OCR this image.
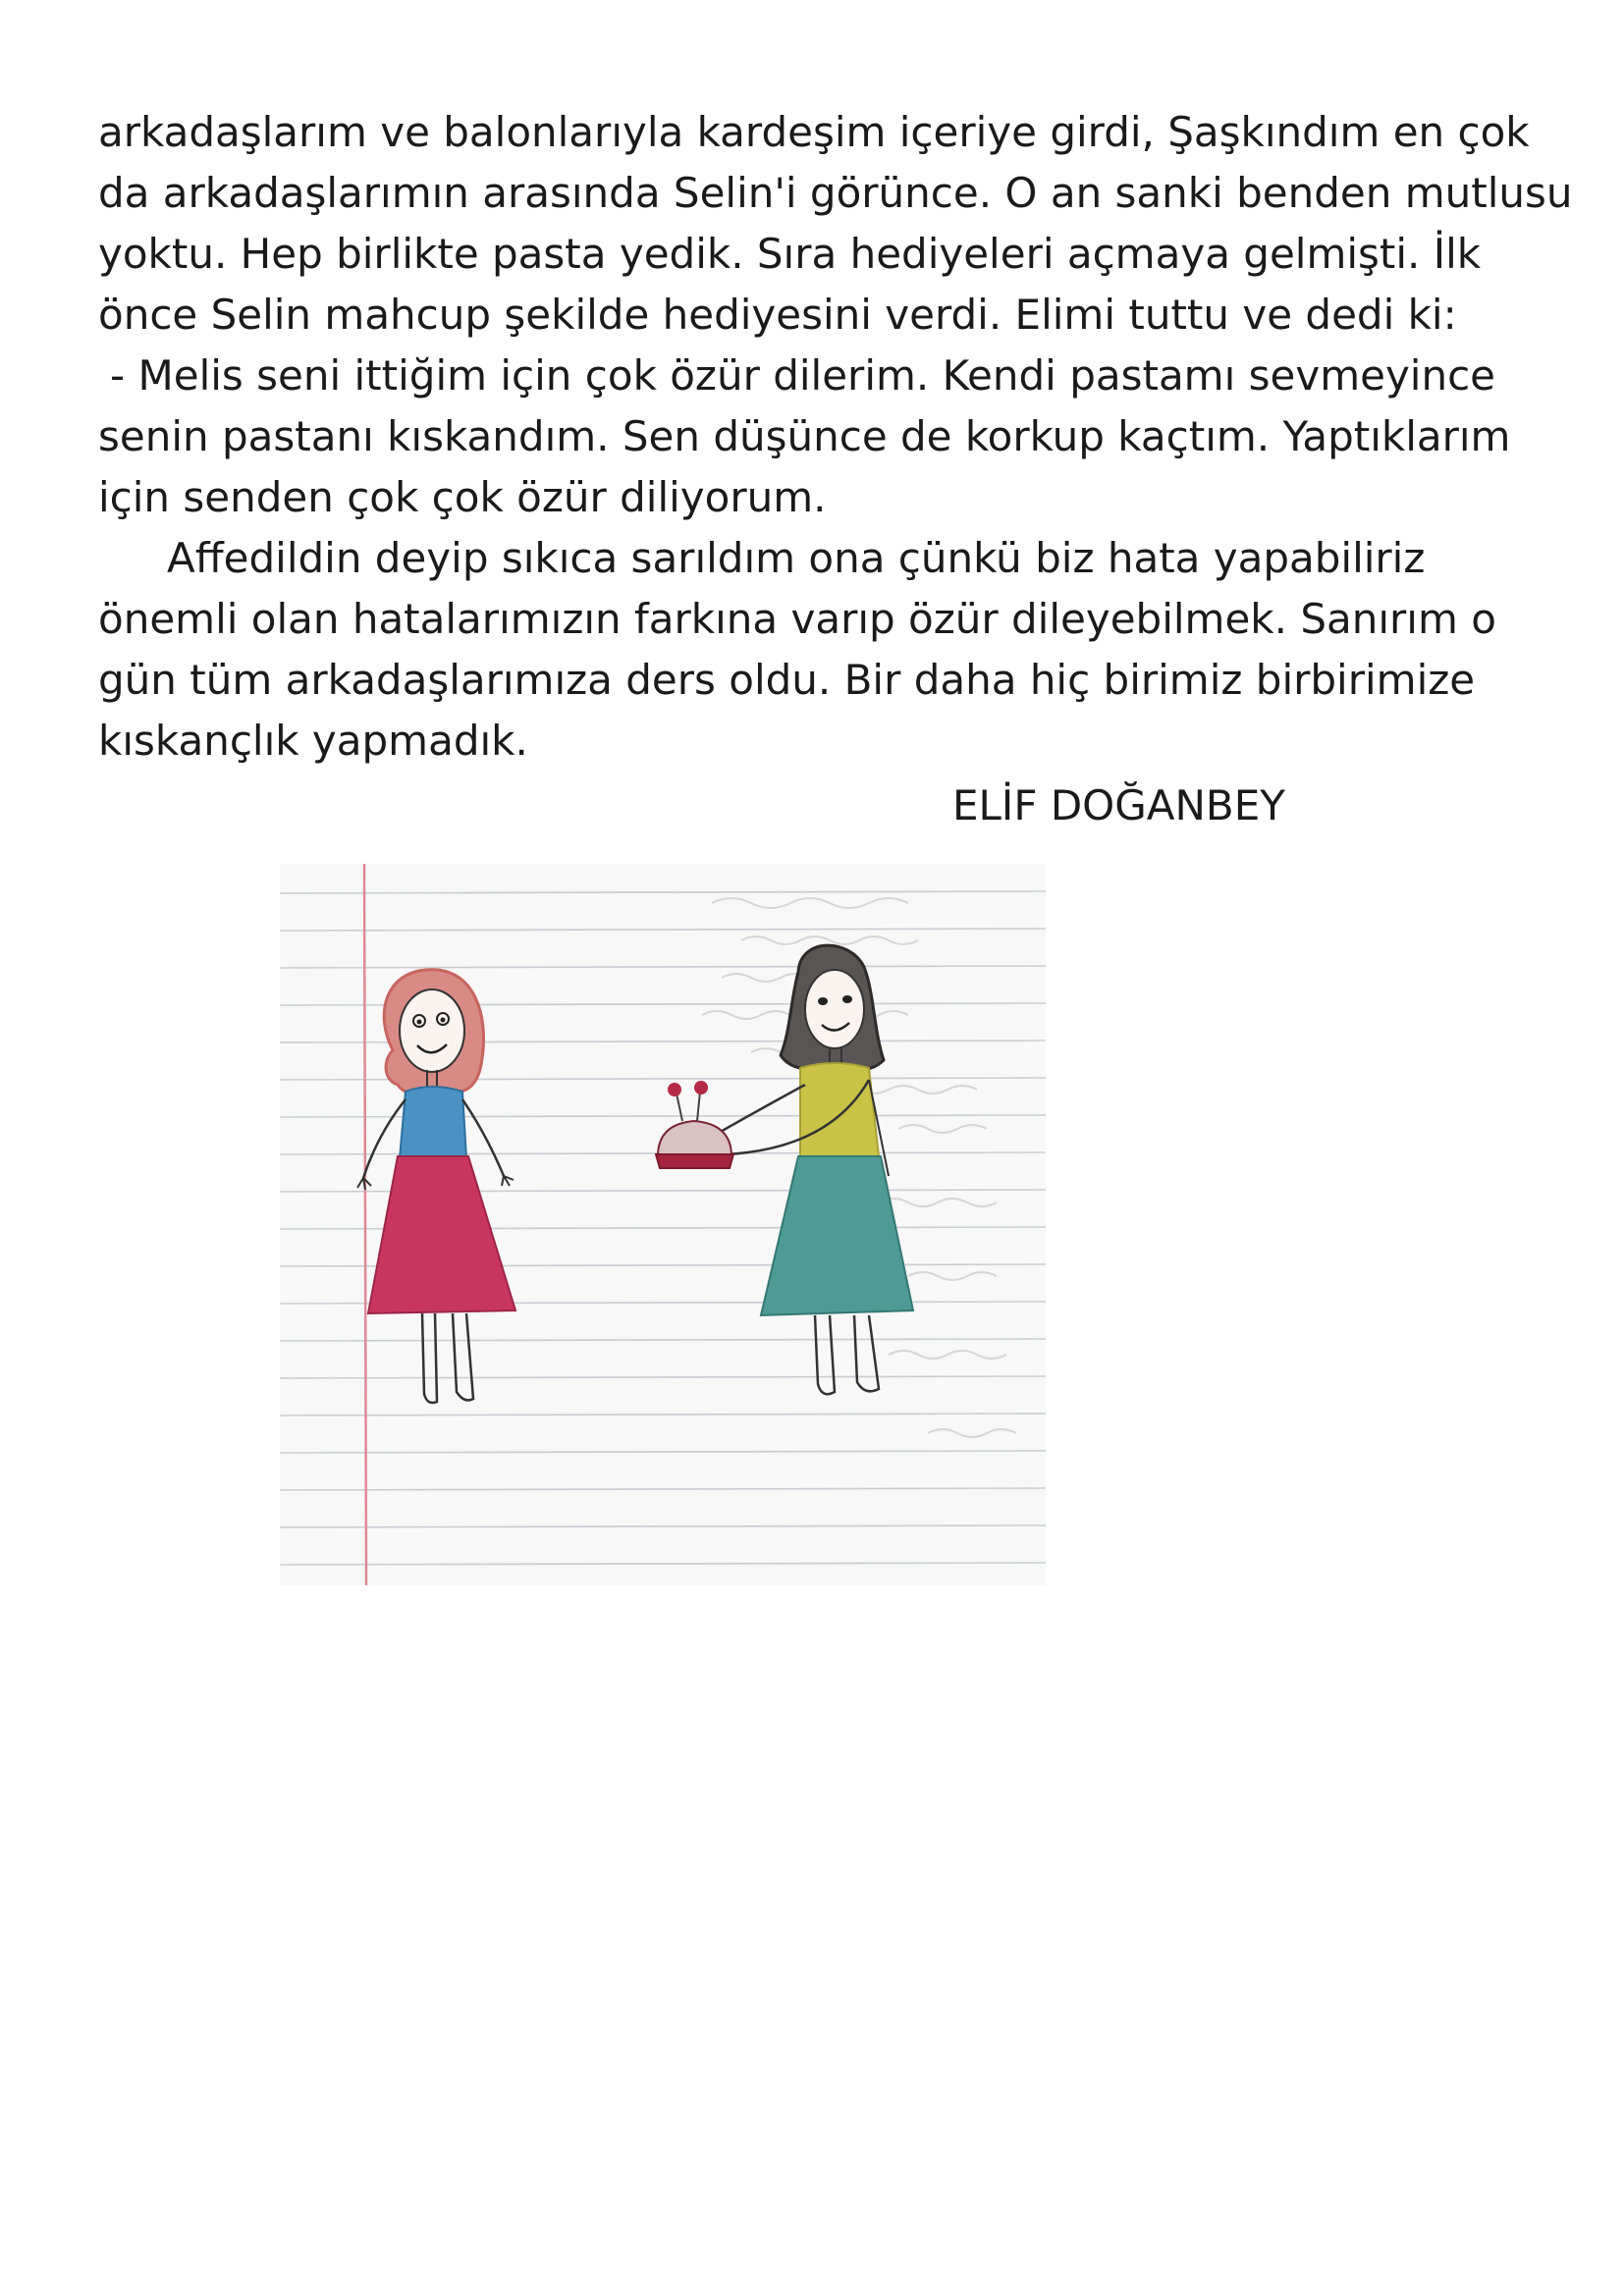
arkadaşlarım ve balonlarıyla kardeşim içeriye girdi, Şaşkındım en çok

da arkadaşlarımın arasında Selin'i görünce. O an sanki benden mutlusu

yoktu. Hep birlikte pasta yedik. Sıra hediyeleri açmaya gelmişti. İlk

önce Selin mahcup şekilde hediyesini verdi. Elimi tuttu ve dedi ki:

- Melis seni ittiğim için çok özür dilerim. Kendi pastamı sevmeyince

senin pastanı kıskandım. Sen düşünce de korkup kaçtım. Yaptıklarım

için senden çok çok özür diliyorum.

Affedildin deyip sıkıca sarıldım ona çünkü biz hata yapabiliriz

önemli olan hatalarımızın farkına varıp özür dileyebilmek. Sanırım o

gün tüm arkadaşlarımıza ders oldu. Bir daha hiç birimiz birbirimize

kıskançlık yapmadık.

ELİF DOĞANBEY
